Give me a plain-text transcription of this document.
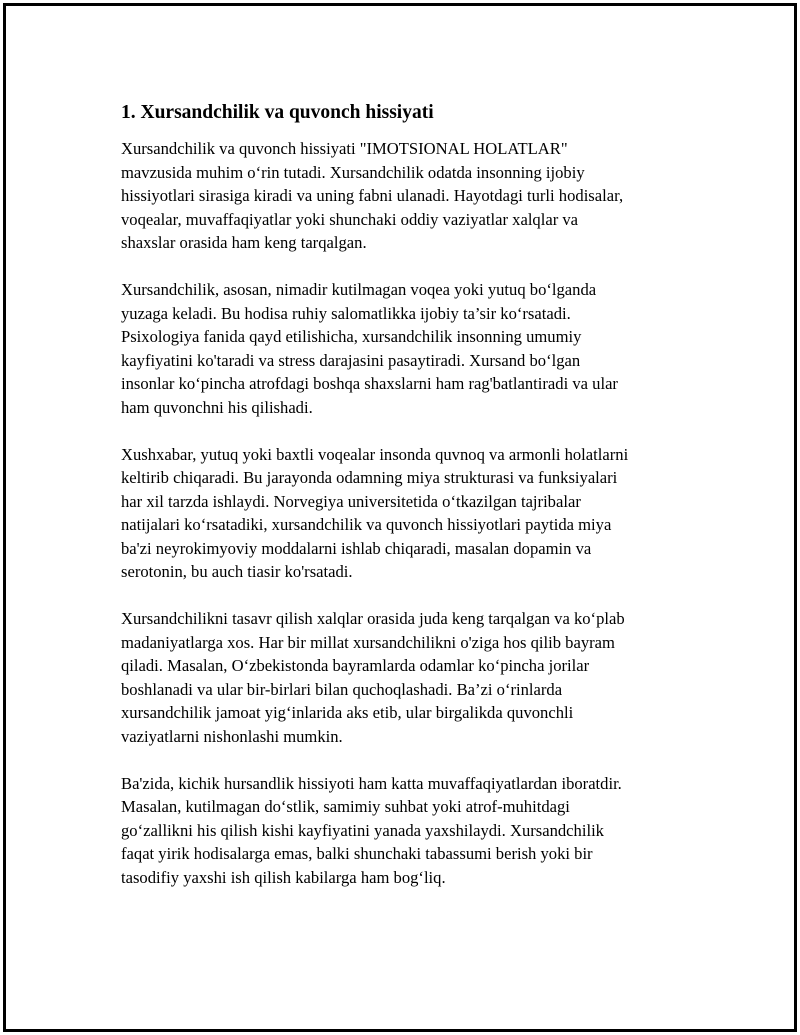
1. Xursandchilik va quvonch hissiyati

Xursandchilik va quvonch hissiyati "IMOTSIONAL HOLATLAR"
mavzusida muhim o‘rin tutadi. Xursandchilik odatda insonning ijobiy
hissiyotlari sirasiga kiradi va uning fabni ulanadi. Hayotdagi turli hodisalar,
voqealar, muvaffaqiyatlar yoki shunchaki oddiy vaziyatlar xalqlar va
shaxslar orasida ham keng tarqalgan.

Xursandchilik, asosan, nimadir kutilmagan voqea yoki yutuq bo‘lganda
yuzaga keladi. Bu hodisa ruhiy salomatlikka ijobiy ta’sir ko‘rsatadi.
Psixologiya fanida qayd etilishicha, xursandchilik insonning umumiy
kayfiyatini ko'taradi va stress darajasini pasaytiradi. Xursand bo‘lgan
insonlar ko‘pincha atrofdagi boshqa shaxslarni ham rag'batlantiradi va ular
ham quvonchni his qilishadi.

Xushxabar, yutuq yoki baxtli voqealar insonda quvnoq va armonli holatlarni
keltirib chiqaradi. Bu jarayonda odamning miya strukturasi va funksiyalari
har xil tarzda ishlaydi. Norvegiya universitetida o‘tkazilgan tajribalar
natijalari ko‘rsatadiki, xursandchilik va quvonch hissiyotlari paytida miya
ba'zi neyrokimyoviy moddalarni ishlab chiqaradi, masalan dopamin va
serotonin, bu auch tiasir ko'rsatadi.

Xursandchilikni tasavr qilish xalqlar orasida juda keng tarqalgan va ko‘plab
madaniyatlarga xos. Har bir millat xursandchilikni o'ziga hos qilib bayram
qiladi. Masalan, O‘zbekistonda bayramlarda odamlar ko‘pincha jorilar
boshlanadi va ular bir-birlari bilan quchoqlashadi. Ba’zi o‘rinlarda
xursandchilik jamoat yig‘inlarida aks etib, ular birgalikda quvonchli
vaziyatlarni nishonlashi mumkin.

Ba'zida, kichik hursandlik hissiyoti ham katta muvaffaqiyatlardan iboratdir.
Masalan, kutilmagan do‘stlik, samimiy suhbat yoki atrof-muhitdagi
go‘zallikni his qilish kishi kayfiyatini yanada yaxshilaydi. Xursandchilik
faqat yirik hodisalarga emas, balki shunchaki tabassumi berish yoki bir
tasodifiy yaxshi ish qilish kabilarga ham bog‘liq.
